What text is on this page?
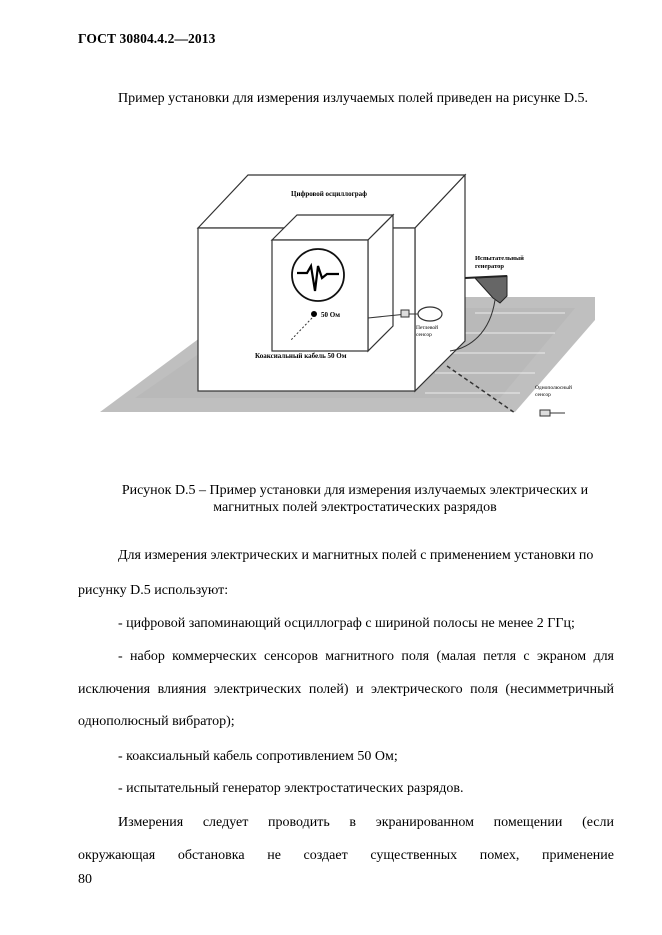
ГОСТ 30804.4.2—2013
Пример установки для измерения излучаемых полей приведен на рисунке D.5.
50 Ом
Цифровой осциллограф
Коаксиальный кабель 50 Ом
Петлевой
сенсор
Испытательный
генератор
Однополюсный
сенсор
Рисунок D.5 – Пример установки для измерения излучаемых электрических и
магнитных полей электростатических разрядов
Для измерения электрических и магнитных полей с применением установки по
рисунку D.5 используют:
- цифровой запоминающий осциллограф с шириной полосы не менее 2 ГГц;
- набор коммерческих сенсоров магнитного поля (малая петля с экраном для
исключения влияния электрических полей) и электрического поля (несимметричный
однополюсный вибратор);
- коаксиальный кабель сопротивлением 50 Ом;
- испытательный генератор электростатических разрядов.
Измерения следует проводить в экранированном помещении (если
окружающая обстановка не создает существенных помех, применение
80
